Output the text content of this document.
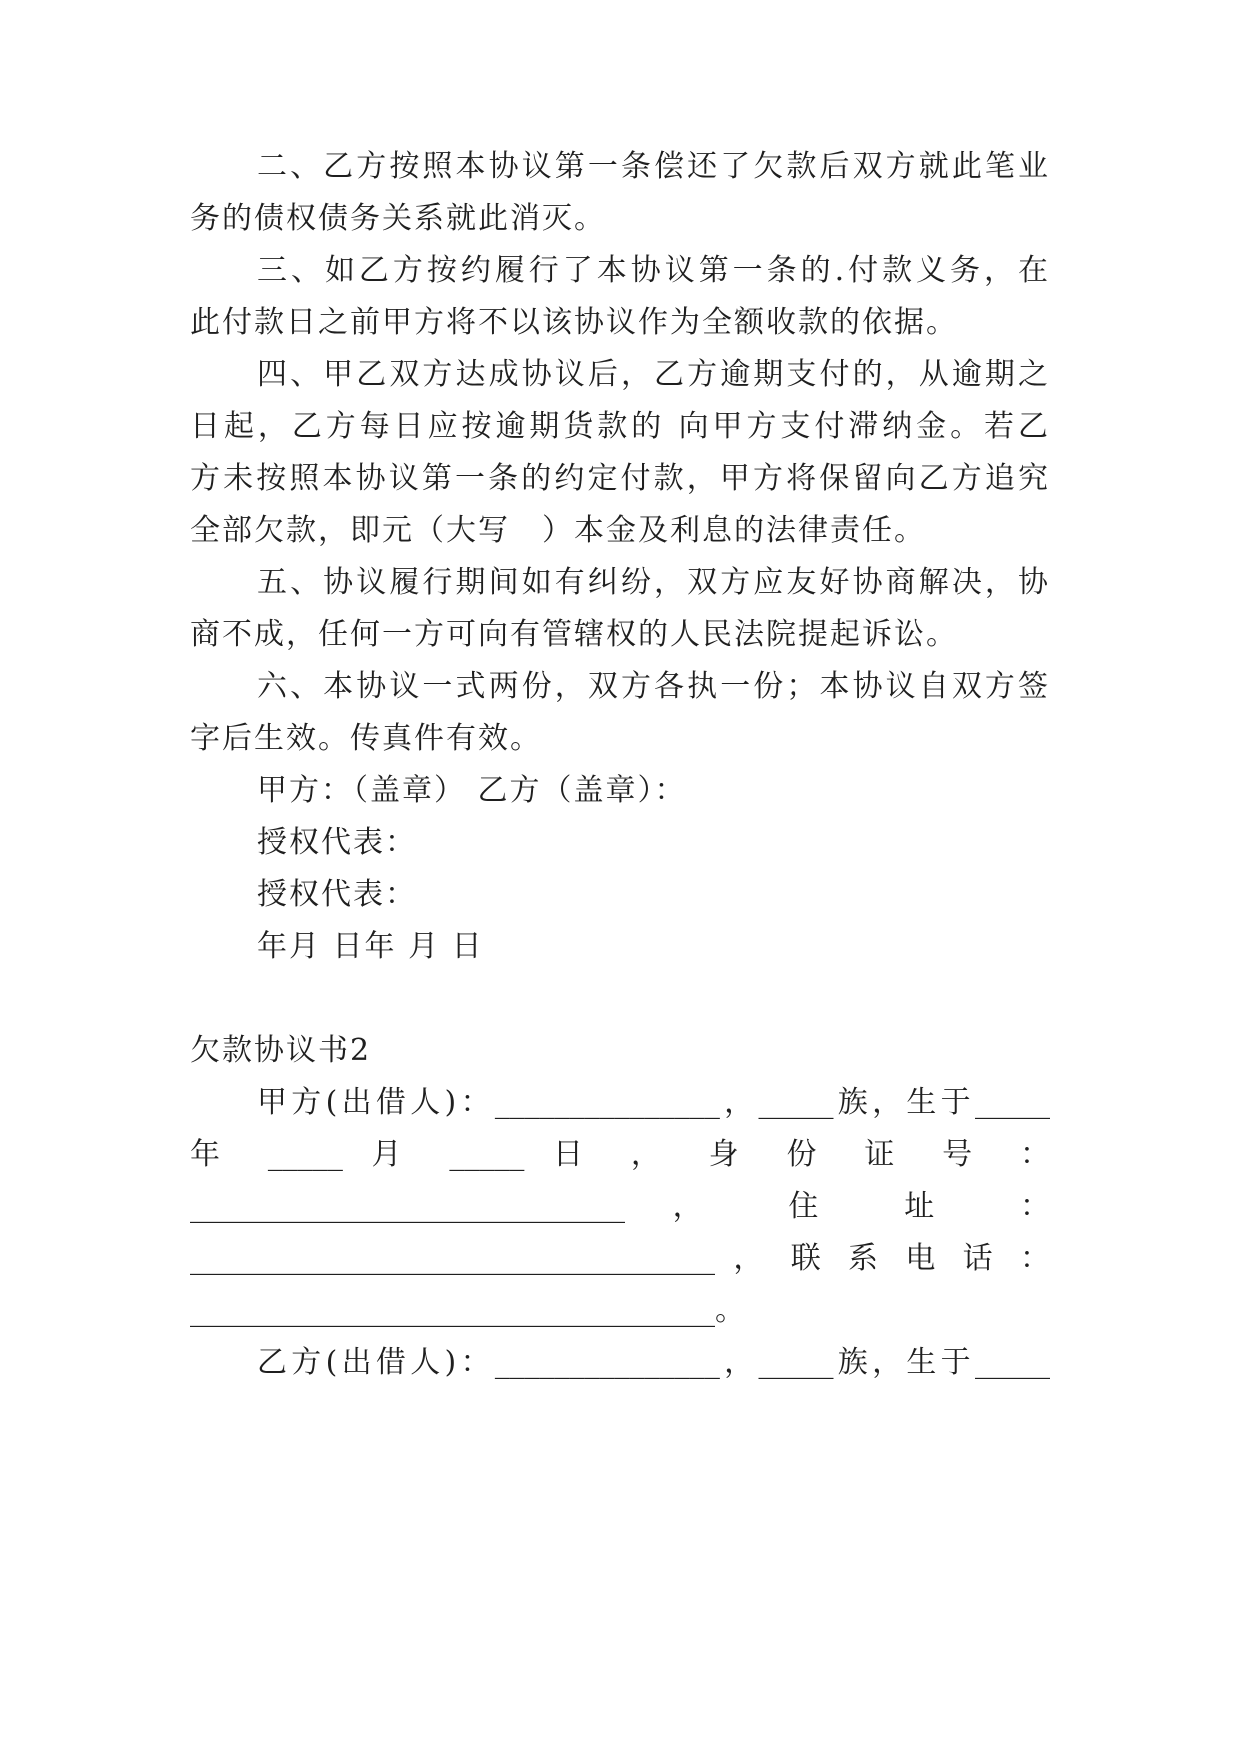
二、乙方按照本协议第一条偿还了欠款后双方就此笔业
务的债权债务关系就此消灭。
三、如乙方按约履行了本协议第一条的.付款义务，在
此付款日之前甲方将不以该协议作为全额收款的依据。
四、甲乙双方达成协议后，乙方逾期支付的，从逾期之
日起，乙方每日应按逾期货款的 向甲方支付滞纳金。若乙
方未按照本协议第一条的约定付款，甲方将保留向乙方追究
全部欠款，即元（大写　）本金及利息的法律责任。
五、协议履行期间如有纠纷，双方应友好协商解决，协
商不成，任何一方可向有管辖权的人民法院提起诉讼。
六、本协议一式两份，双方各执一份；本协议自双方签
字后生效。传真件有效。
甲方：（盖章） 乙方（盖章）：
授权代表：
授权代表：
年月 日年 月 日
欠款协议书2
甲方(出借人)：_______________，_____族，生于_____
年 _____ 月 _____ 日 ， 身 份 证 号 ：
_____________________________ ， 住 址 ：
___________________________________ ， 联 系 电 话 ：
___________________________________。
乙方(出借人)：_______________，_____族，生于_____
